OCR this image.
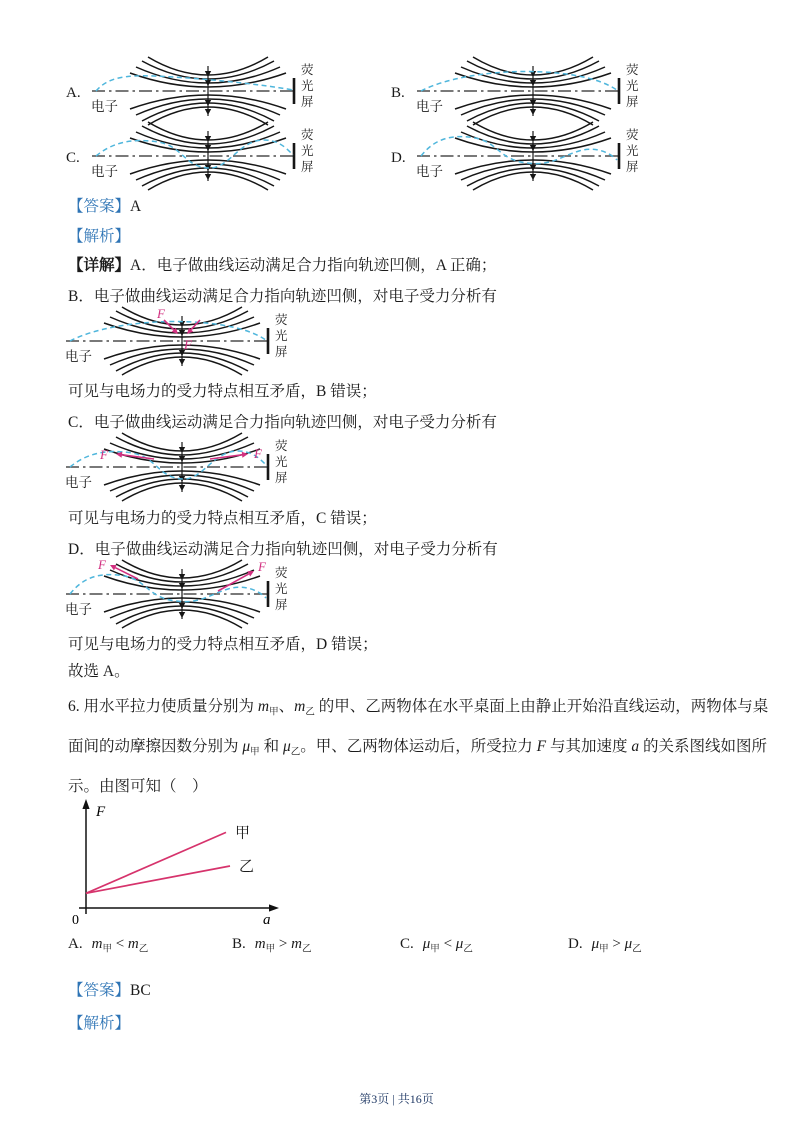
A.
电子
荧
光
屏
B.
电子
荧
光
屏
C.
电子
荧
光
屏
D.
电子
荧
光
屏
【答案】A
【解析】
【详解】A．电子做曲线运动满足合力指向轨迹凹侧，A 正确；
B．电子做曲线运动满足合力指向轨迹凹侧，对电子受力分析有
F
F
电子
荧
光
屏
可见与电场力的受力特点相互矛盾，B 错误；
C．电子做曲线运动满足合力指向轨迹凹侧，对电子受力分析有
F	F
电子
荧
光
屏
可见与电场力的受力特点相互矛盾，C 错误；
D．电子做曲线运动满足合力指向轨迹凹侧，对电子受力分析有
F	F
电子
荧
光
屏
可见与电场力的受力特点相互矛盾，D 错误；
故选 A。
6. 用水平拉力使质量分别为 $m_甲$、$m_乙$ 的甲、乙两物体在水平桌面上由静止开始沿直线运动，两物体与桌
面间的动摩擦因数分别为 $\mu_甲$ 和 $\mu_乙$。甲、乙两物体运动后，所受拉力 F 与其加速度 a 的关系图线如图所
示。由图可知（　）
F
a
0
甲
乙
A. $m_甲 < m_乙$	B. $m_甲 > m_乙$	C. $\mu_甲 < \mu_乙$	D. $\mu_甲 > \mu_乙$
【答案】BC
【解析】
第3页 | 共16页
